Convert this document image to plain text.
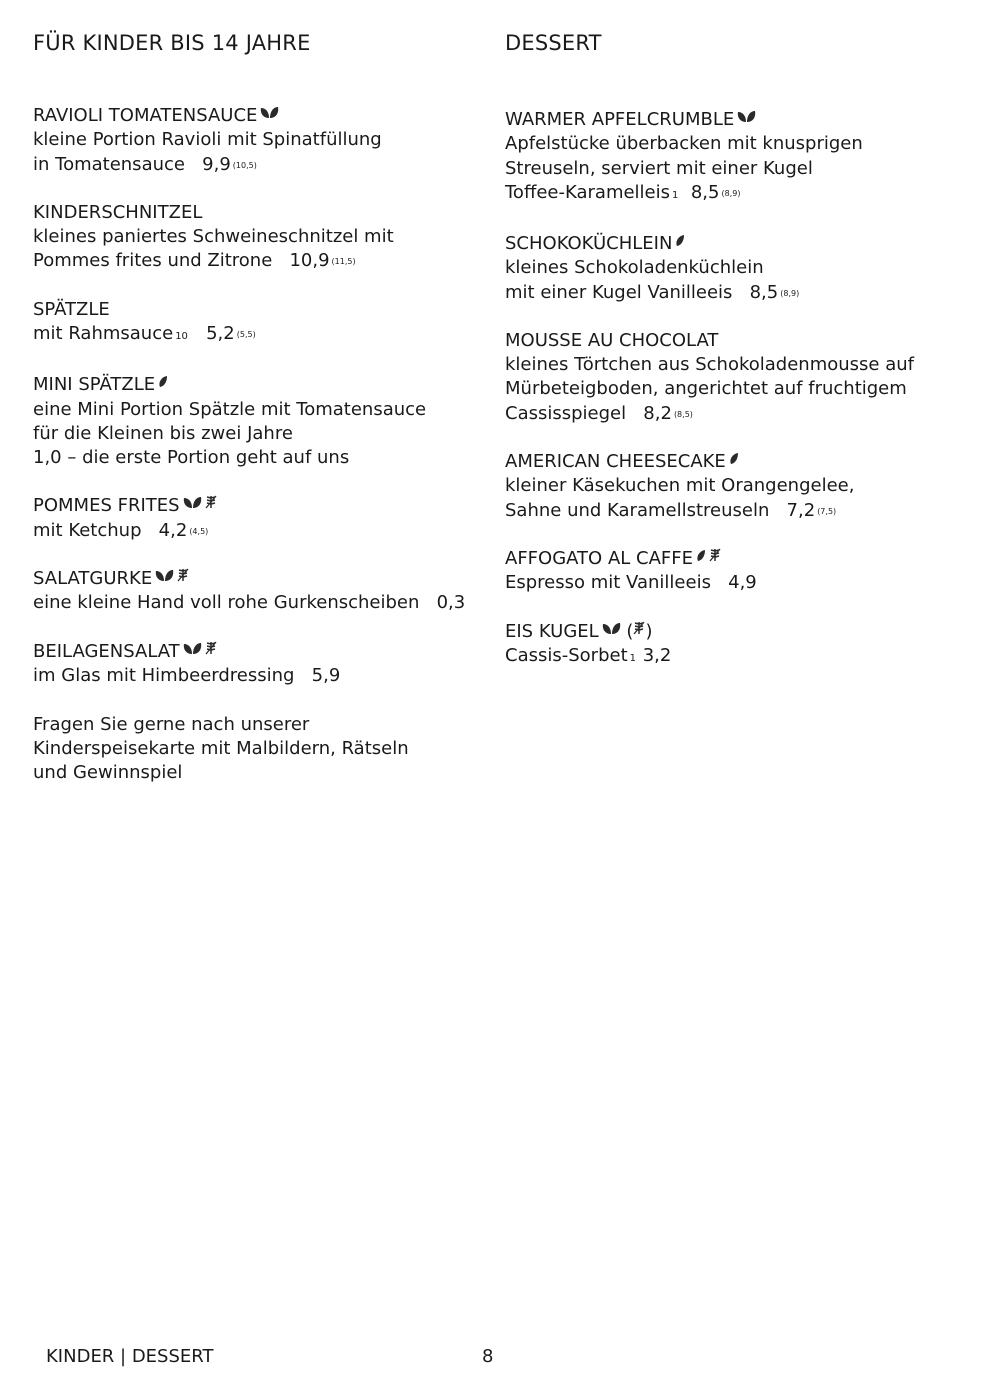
FÜR KINDER BIS 14 JAHRE
RAVIOLI TOMATENSAUCE
kleine Portion Ravioli mit Spinatfüllung
in Tomatensauce 9,9 $^{(10,5)}$
KINDERSCHNITZEL
kleines paniertes Schweineschnitzel mit
Pommes frites und Zitrone 10,9 $^{(11,5)}$
SPÄTZLE
mit Rahmsauce 10 5,2 $^{(5,5)}$
MINI SPÄTZLE
eine Mini Portion Spätzle mit Tomatensauce
für die Kleinen bis zwei Jahre
1,0 – die erste Portion geht auf uns
POMMES FRITES
mit Ketchup 4,2 $^{(4,5)}$
SALATGURKE
eine kleine Hand voll rohe Gurkenscheiben 0,3
BEILAGENSALAT
im Glas mit Himbeerdressing 5,9
Fragen Sie gerne nach unserer
Kinderspeisekarte mit Malbildern, Rätseln
und Gewinnspiel
DESSERT
WARMER APFELCRUMBLE
Apfelstücke überbacken mit knusprigen
Streuseln, serviert mit einer Kugel
Toffee-Karamelleis 1 8,5 $^{(8,9)}$
SCHOKOKÜCHLEIN
kleines Schokoladenküchlein
mit einer Kugel Vanilleeis 8,5 $^{(8,9)}$
MOUSSE AU CHOCOLAT
kleines Törtchen aus Schokoladenmousse auf
Mürbeteigboden, angerichtet auf fruchtigem
Cassisspiegel 8,2 $^{(8,5)}$
AMERICAN CHEESECAKE
kleiner Käsekuchen mit Orangengelee,
Sahne und Karamellstreuseln 7,2 $^{(7,5)}$
AFFOGATO AL CAFFE
Espresso mit Vanilleeis 4,9
EIS KUGEL ( )
Cassis-Sorbet 1 3,2
KINDER | DESSERT	8
